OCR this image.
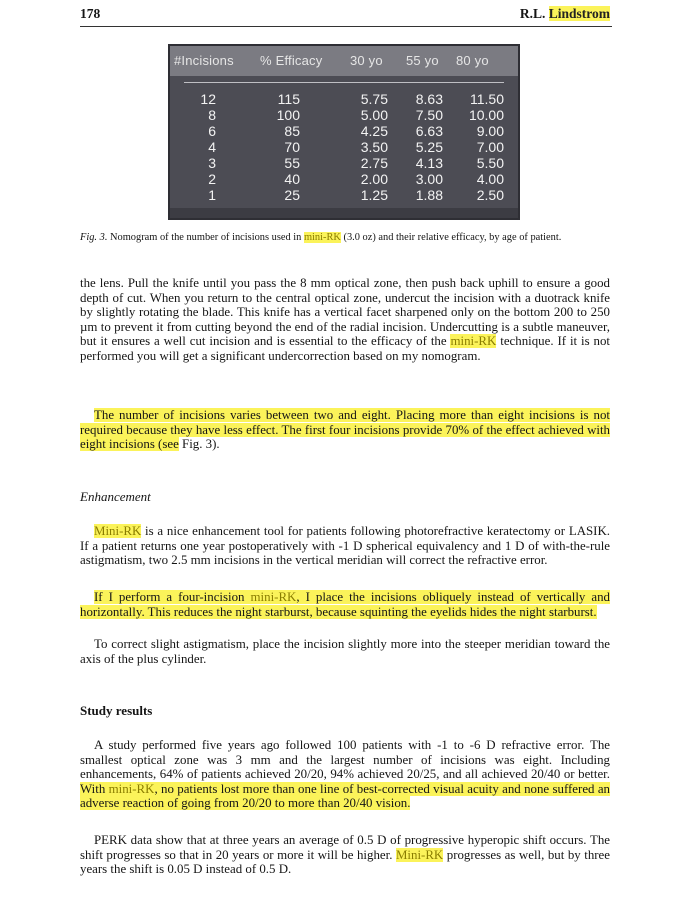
178	R.L. Lindstrom
#Incisions % Efficacy 30 yo 55 yo 80 yo
12
8
6
4
3
2
1
115
100
85
70
55
40
25
5.75
5.00
4.25
3.50
2.75
2.00
1.25
8.63
7.50
6.63
5.25
4.13
3.00
1.88
11.50
10.00
9.00
7.00
5.50
4.00
2.50
Fig. 3. Nomogram of the number of incisions used in mini-RK (3.0 oz) and their relative efficacy, by age of patient.
the lens. Pull the knife until you pass the 8 mm optical zone, then push back uphill to ensure a good depth of cut. When you return to the central optical zone, undercut the incision with a duotrack knife by slightly rotating the blade. This knife has a vertical facet sharpened only on the bottom 200 to 250 µm to prevent it from cutting beyond the end of the radial incision. Undercutting is a subtle maneuver, but it ensures a well cut incision and is essential to the efficacy of the mini-RK technique. If it is not performed you will get a significant undercorrection based on my nomogram.
The number of incisions varies between two and eight. Placing more than eight incisions is not required because they have less effect. The first four incisions provide 70% of the effect achieved with eight incisions (see Fig. 3).
Enhancement
Mini-RK is a nice enhancement tool for patients following photorefractive keratectomy or LASIK. If a patient returns one year postoperatively with -1 D spherical equivalency and 1 D of with-the-rule astigmatism, two 2.5 mm incisions in the vertical meridian will correct the refractive error.
If I perform a four-incision mini-RK, I place the incisions obliquely instead of vertically and horizontally. This reduces the night starburst, because squinting the eyelids hides the night starburst.
To correct slight astigmatism, place the incision slightly more into the steeper meridian toward the axis of the plus cylinder.
Study results
A study performed five years ago followed 100 patients with -1 to -6 D refractive error. The smallest optical zone was 3 mm and the largest number of incisions was eight. Including enhancements, 64% of patients achieved 20/20, 94% achieved 20/25, and all achieved 20/40 or better. With mini-RK, no patients lost more than one line of best-corrected visual acuity and none suffered an adverse reaction of going from 20/20 to more than 20/40 vision.
PERK data show that at three years an average of 0.5 D of progressive hyperopic shift occurs. The shift progresses so that in 20 years or more it will be higher. Mini-RK progresses as well, but by three years the shift is 0.05 D instead of 0.5 D.
